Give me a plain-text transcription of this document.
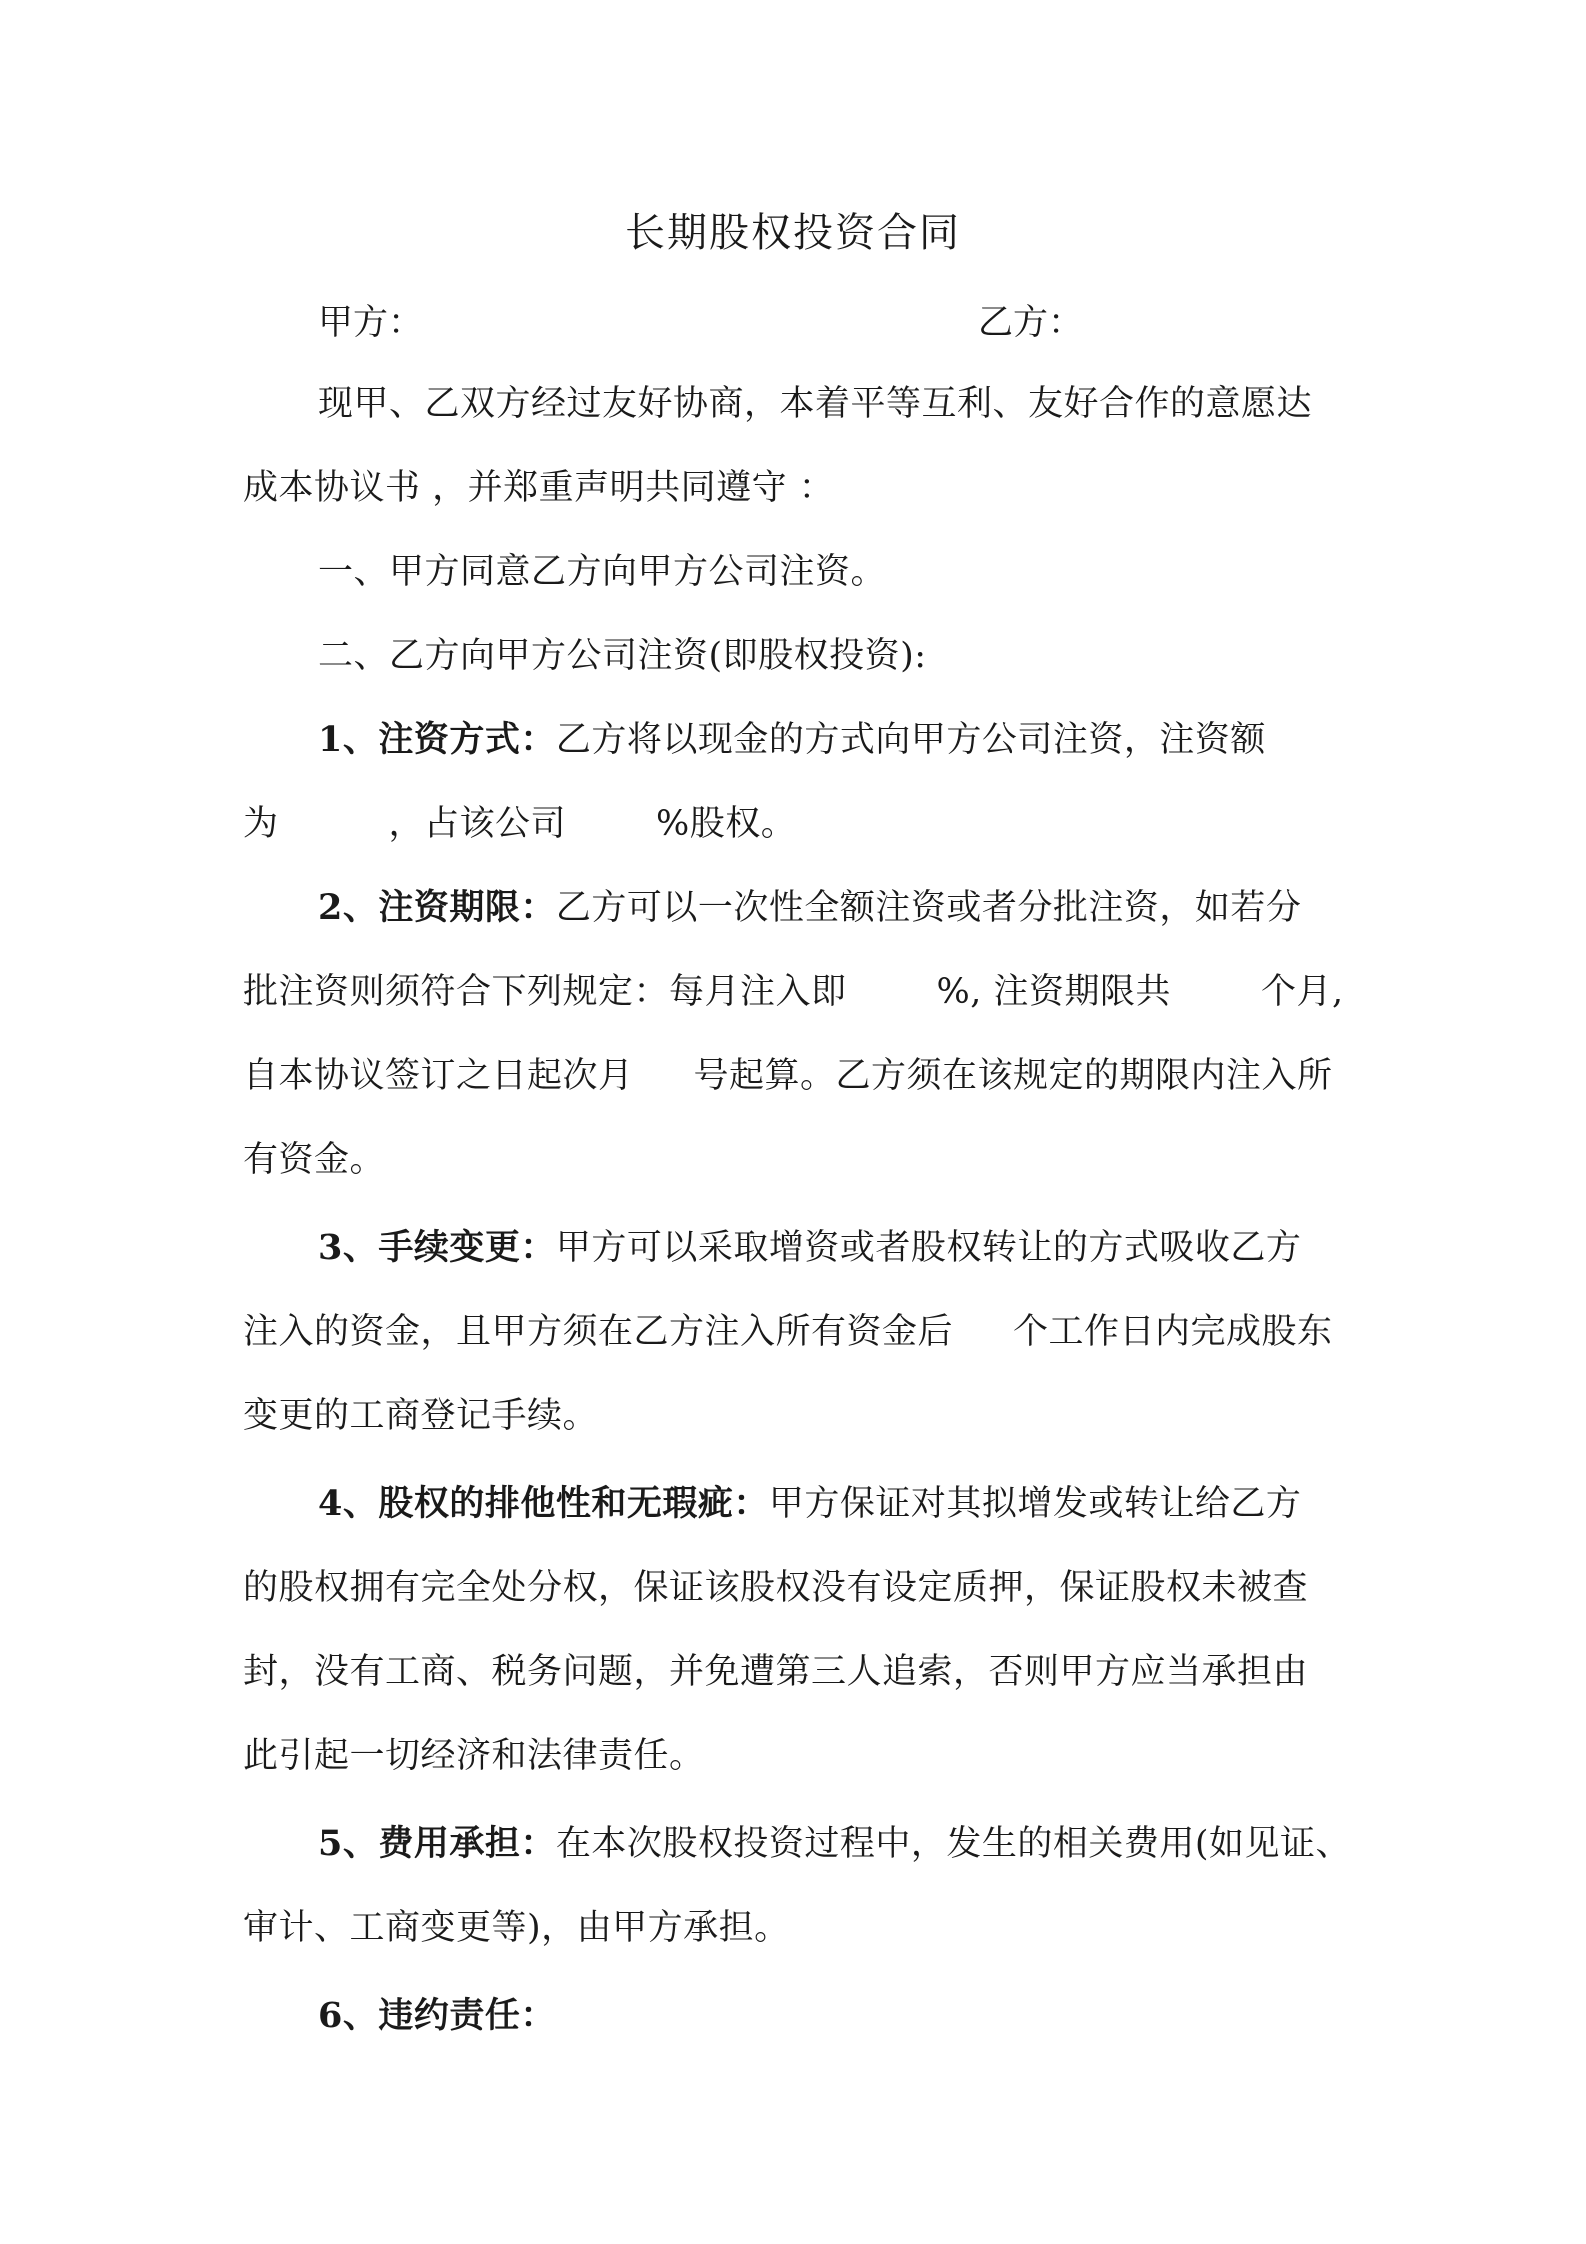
长期股权投资合同
甲方：	乙方：
现甲、乙双方经过友好协商，本着平等互利、友好合作的意愿达
成本协议书 ，并郑重声明共同遵守 ：
一、甲方同意乙方向甲方公司注资。
二、乙方向甲方公司注资(即股权投资):
1、注资方式：乙方将以现金的方式向甲方公司注资，注资额
为	，占该公司	%股权。
2、注资期限：乙方可以一次性全额注资或者分批注资，如若分
批注资则须符合下列规定：每月注入即	%, 注资期限共	个月,
自本协议签订之日起次月 号起算。乙方须在该规定的期限内注入所
有资金。
3、手续变更：甲方可以采取增资或者股权转让的方式吸收乙方
注入的资金，且甲方须在乙方注入所有资金后 个工作日内完成股东
变更的工商登记手续。
4、股权的排他性和无瑕疵：甲方保证对其拟增发或转让给乙方
的股权拥有完全处分权，保证该股权没有设定质押，保证股权未被查
封，没有工商、税务问题，并免遭第三人追索，否则甲方应当承担由
此引起一切经济和法律责任。
5、费用承担：在本次股权投资过程中，发生的相关费用(如见证、
审计、工商变更等)，由甲方承担。
6、违约责任：
